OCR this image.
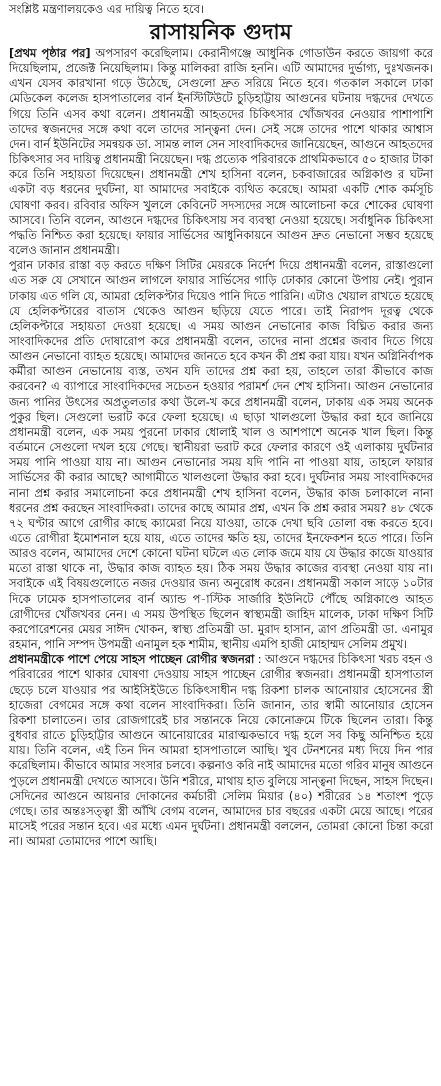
সংশ্লিষ্ট মন্ত্রণালয়কেও এর দায়িত্ব নিতে হবে।

রাসায়নিক গুদাম

[প্রথম পৃষ্ঠার পর] অপসারণ করেছিলাম। কেরানীগঞ্জে আধুনিক গোডাউন করতে জায়গা করে দিয়েছিলাম, প্রজেক্ট নিয়েছিলাম। কিন্তু মালিকরা রাজি হননি। এটি আমাদের দুর্ভাগ্য, দুঃখজনক। এখন যেসব কারখানা গড়ে উঠেছে, সেগুলো দ্রুত সরিয়ে নিতে হবে। গতকাল সকালে ঢাকা মেডিকেল কলেজ হাসপাতালের বার্ন ইনস্টিটিউটে চুড়িহাট্টায় আগুনের ঘটনায় দগ্ধদের দেখতে গিয়ে তিনি এসব কথা বলেন। প্রধানমন্ত্রী আহতদের চিকিৎসার খোঁজখবর নেওয়ার পাশাপাশি তাদের স্বজনদের সঙ্গে কথা বলে তাদের সান্ত্বনা দেন। সেই সঙ্গে তাদের পাশে থাকার আশ্বাস দেন। বার্ন ইউনিটের সমন্বয়ক ডা. সামন্ত লাল সেন সাংবাদিকদের জানিয়েছেন, আগুনে আহতদের চিকিৎসার সব দায়িত্ব প্রধানমন্ত্রী নিয়েছেন। দগ্ধ প্রত্যেক পরিবারকে প্রাথমিকভাবে ৫০ হাজার টাকা করে তিনি সহায়তা দিয়েছেন। প্রধানমন্ত্রী শেখ হাসিনা বলেন, চকবাজারের অগ্নিকাণ্ড র ঘটনা একটা বড় ধরনের দুর্ঘটনা, যা আমাদের সবাইকে ব্যথিত করেছে। আমরা একটি শোক কর্মসূচি ঘোষণা করব। রবিবার অফিস খুললে কেবিনেট সদস্যদের সঙ্গে আলোচনা করে শোকের ঘোষণা আসবে। তিনি বলেন, আগুনে দগ্ধদের চিকিৎসায় সব ব্যবস্থা নেওয়া হয়েছে। সর্বাধুনিক চিকিৎসা পদ্ধতি নিশ্চিত করা হয়েছে। ফায়ার সার্ভিসের আধুনিকায়নে আগুন দ্রুত নেভানো সম্ভব হয়েছে বলেও জানান প্রধানমন্ত্রী।

পুরান ঢাকার রাস্তা বড় করতে দক্ষিণ সিটির মেয়রকে নির্দেশ দিয়ে প্রধানমন্ত্রী বলেন, রাস্তাগুলো এত সরু যে সেখানে আগুন লাগলে ফায়ার সার্ভিসের গাড়ি ঢোকার কোনো উপায় নেই। পুরান ঢাকায় এত গলি যে, আমরা হেলিকপ্টার দিয়েও পানি দিতে পারিনি। এটাও খেয়াল রাখতে হয়েছে যে হেলিকপ্টারের বাতাস থেকেও আগুন ছড়িয়ে যেতে পারে। তাই নিরাপদ দূরত্ব থেকে হেলিকপ্টারে সহায়তা দেওয়া হয়েছে। এ সময় আগুন নেভানোর কাজ বিঘ্নিত করার জন্য সাংবাদিকদের প্রতি দোষারোপ করে প্রধানমন্ত্রী বলেন, তাদের নানা প্রশ্নের জবাব দিতে গিয়ে আগুন নেভানো ব্যাহত হয়েছে। আমাদের জানতে হবে কখন কী প্রশ্ন করা যায়। যখন অগ্নিনির্বাপক কর্মীরা আগুন নেভানোয় ব্যস্ত, তখন যদি তাদের প্রশ্ন করা হয়, তাহলে তারা কীভাবে কাজ করবেন? এ ব্যাপারে সাংবাদিকদের সচেতন হওয়ার পরামর্শ দেন শেখ হাসিনা। আগুন নেভানোর জন্য পানির উৎসের অপ্রতুলতার কথা উলে-খ করে প্রধানমন্ত্রী বলেন, ঢাকায় এক সময় অনেক পুকুর ছিল। সেগুলো ভরাট করে ফেলা হয়েছে। এ ছাড়া খালগুলো উদ্ধার করা হবে জানিয়ে প্রধানমন্ত্রী বলেন, এক সময় পুরনো ঢাকার ধোলাই খাল ও আশপাশে অনেক খাল ছিল। কিন্তু বর্তমানে সেগুলো দখল হয়ে গেছে। স্থানীয়রা ভরাট করে ফেলার কারণে ওই এলাকায় দুর্ঘটনার সময় পানি পাওয়া যায় না। আগুন নেভানোর সময় যদি পানি না পাওয়া যায়, তাহলে ফায়ার সার্ভিসের কী করার আছে? আগামীতে খালগুলো উদ্ধার করা হবে। দুর্ঘটনার সময় সাংবাদিকদের নানা প্রশ্ন করার সমালোচনা করে প্রধানমন্ত্রী শেখ হাসিনা বলেন, উদ্ধার কাজ চলাকালে নানা ধরনের প্রশ্ন করছেন সাংবাদিকরা। তাদের কাছে আমার প্রশ্ন, এখন কি প্রশ্ন করার সময়? ৪৮ থেকে ৭২ ঘণ্টার আগে রোগীর কাছে ক্যামেরা নিয়ে যাওয়া, তাকে দেখা ছবি তোলা বন্ধ করতে হবে। এতে রোগীরা ইমোশনাল হয়ে যায়, এতে তাদের ক্ষতি হয়, তাদের ইনফেকশন হতে পারে। তিনি আরও বলেন, আমাদের দেশে কোনো ঘটনা ঘটলে এত লোক জমে যায় যে উদ্ধার কাজে যাওয়ার মতো রাস্তা থাকে না, উদ্ধার কাজ ব্যাহত হয়। ঠিক সময় উদ্ধার কাজের ব্যবস্থা নেওয়া যায় না। সবাইকে এই বিষয়গুলোতে নজর দেওয়ার জন্য অনুরোধ করেন। প্রধানমন্ত্রী সকাল সাড়ে ১০টার দিকে ঢামেক হাসপাতালের বার্ন অ্যান্ড প-াস্টিক সার্জারি ইউনিটে পৌঁছে অগ্নিকাণ্ডে আহত রোগীদের খোঁজখবর নেন। এ সময় উপস্থিত ছিলেন স্বাস্থ্যমন্ত্রী জাহিদ মালেক, ঢাকা দক্ষিণ সিটি করপোরেশনের মেয়র সাঈদ খোকন, স্বাস্থ্য প্রতিমন্ত্রী ডা. মুরাদ হাসান, ত্রাণ প্রতিমন্ত্রী ডা. এনামুর রহমান, পানি সম্পদ উপমন্ত্রী এনামুল হক শামীম, স্থানীয় এমপি হাজী মোহাম্মদ সেলিম প্রমুখ।

প্রধানমন্ত্রীকে পাশে পেয়ে সাহস পাচ্ছেন রোগীর স্বজনরা : আগুনে দগ্ধদের চিকিৎসা খরচ বহন ও পরিবারের পাশে থাকার ঘোষণা দেওয়ায় সাহস পাচ্ছেন রোগীর স্বজনরা। প্রধানমন্ত্রী হাসপাতাল ছেড়ে চলে যাওয়ার পর আইসিইউতে চিকিৎসাধীন দগ্ধ রিকশা চালক আনোয়ার হোসেনের স্ত্রী হাজেরা বেগমের সঙ্গে কথা বলেন সাংবাদিকরা। তিনি জানান, তার স্বামী আনোয়ার হোসেন রিকশা চালাতেন। তার রোজগারেই চার সন্তানকে নিয়ে কোনোক্রমে টিকে ছিলেন তারা। কিন্তু বুধবার রাতে চুড়িহাট্টার আগুনে আনোয়ারের মারাত্মকভাবে দগ্ধ হলে সব কিছু অনিশ্চিত হয়ে যায়। তিনি বলেন, এই তিন দিন আমরা হাসপাতালে আছি। খুব টেনশনের মধ্য দিয়ে দিন পার করেছিলাম। কীভাবে আমার সংসার চলবে। কল্পনাও করি নাই আমাদের মতো গরিব মানুষ আগুনে পুড়লে প্রধানমন্ত্রী দেখতে আসবে। উনি শরীরে, মাথায় হাত বুলিয়ে সান্ত্বনা দিছেন, সাহস দিছেন। সেদিনের আগুনে আয়নার দোকানের কর্মচারী সেলিম মিয়ার (৪০) শরীরের ১৪ শতাংশ পুড়ে গেছে। তার অন্তঃসত্ত্বা স্ত্রী আঁখি বেগম বলেন, আমাদের চার বছরের একটা মেয়ে আছে। পরের মাসেই পরের সন্তান হবে। এর মধ্যে এমন দুর্ঘটনা। প্রধানমন্ত্রী বললেন, তোমরা কোনো চিন্তা করো না। আমরা তোমাদের পাশে আছি।
